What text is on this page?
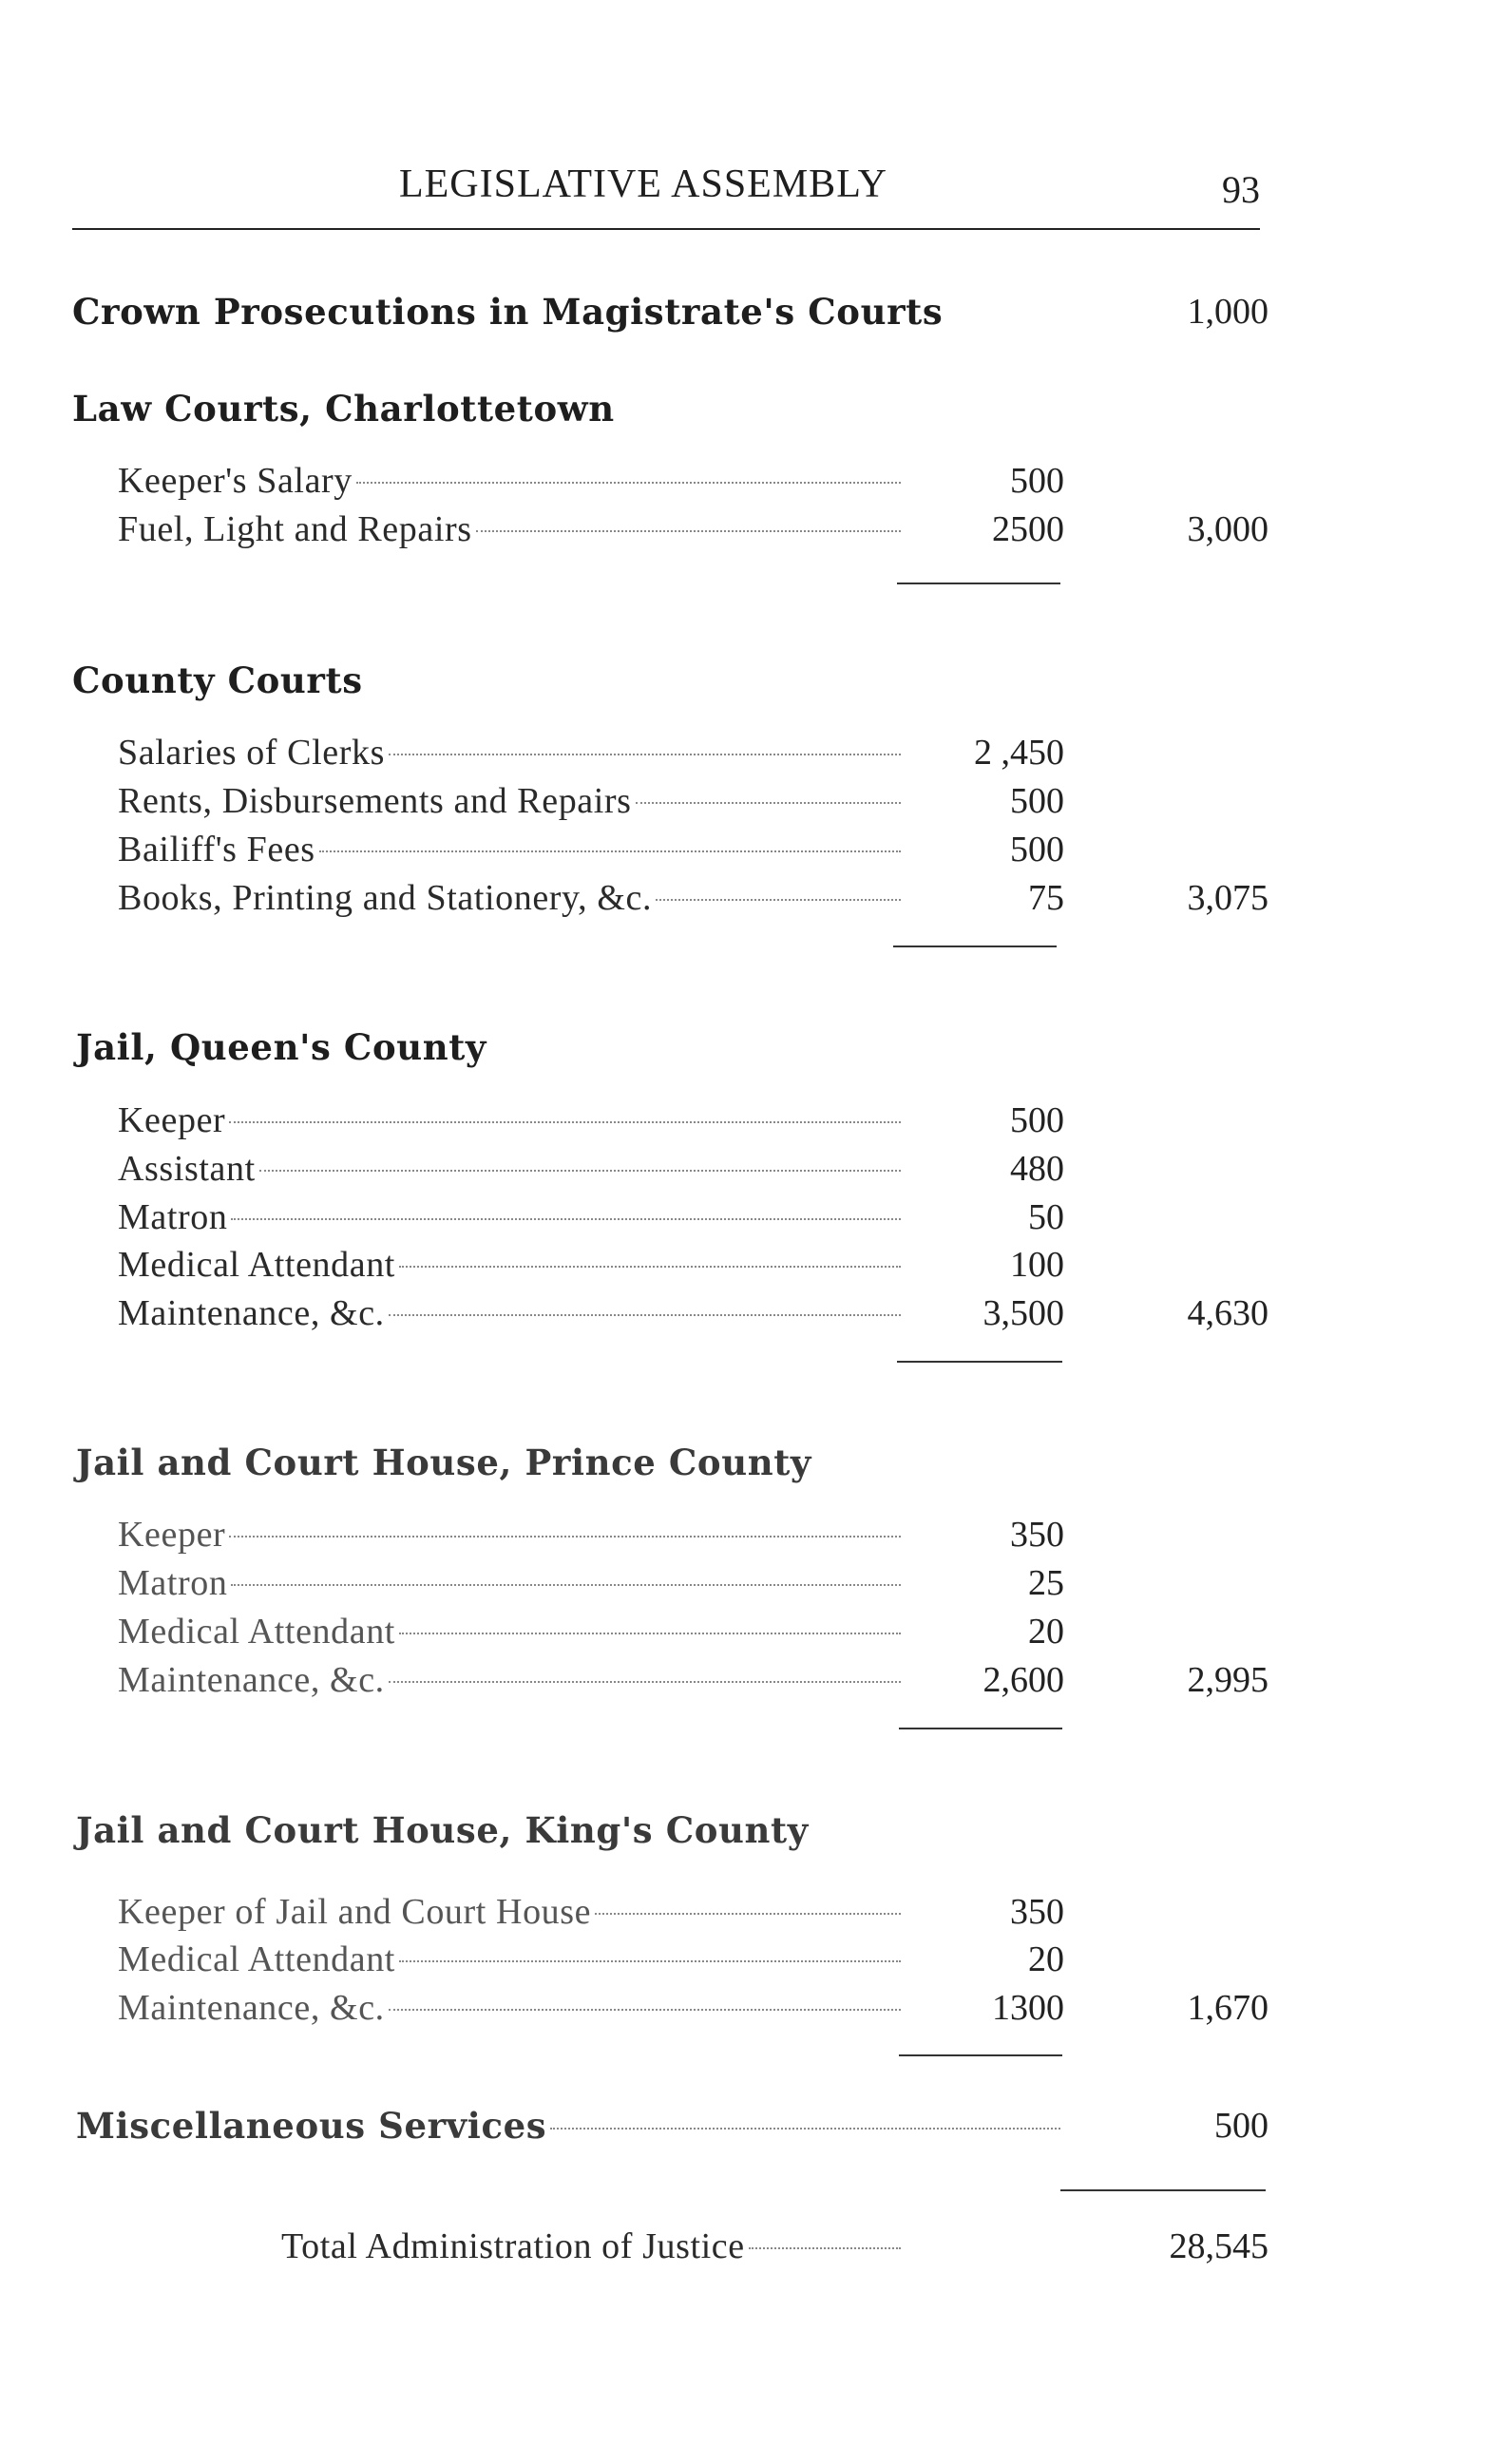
LEGISLATIVE ASSEMBLY	93
Crown Prosecutions in Magistrate's Courts	1,000
Law Courts, Charlottetown
Keeper's Salary	500
Fuel, Light and Repairs	2500	3,000
County Courts
Salaries of Clerks	2 ,450
Rents, Disbursements and Repairs	500
Bailiff's Fees	500
Books, Printing and Stationery, &c.	75	3,075
Jail, Queen's County
Keeper	500
Assistant	480
Matron	50
Medical Attendant	100
Maintenance, &c.	3,500	4,630
Jail and Court House, Prince County
Keeper	350
Matron	25
Medical Attendant	20
Maintenance, &c.	2,600	2,995
Jail and Court House, King's County
Keeper of Jail and Court House	350
Medical Attendant	20
Maintenance, &c.	1300	1,670
Miscellaneous Services	500
Total Administration of Justice	28,545
